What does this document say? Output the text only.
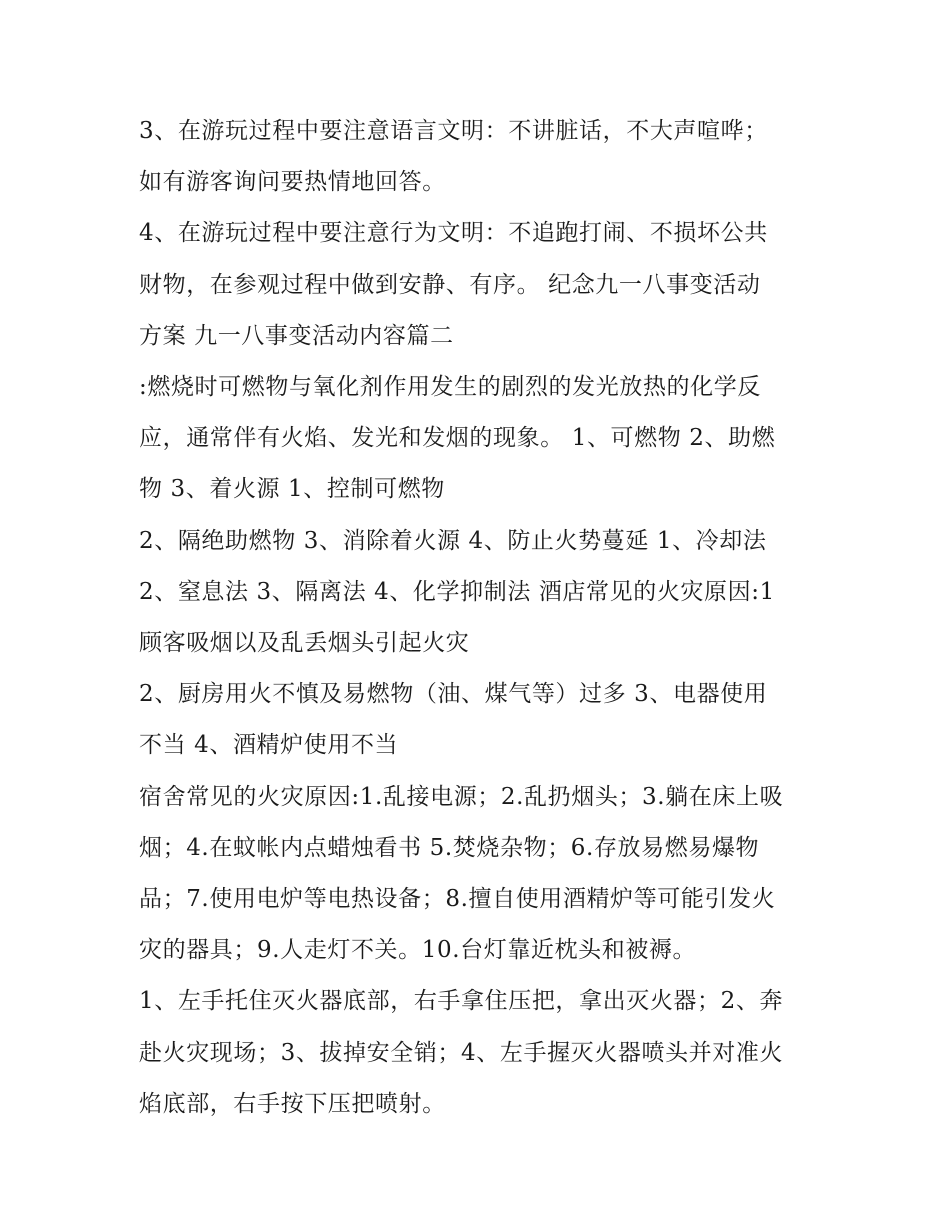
3、在游玩过程中要注意语言文明：不讲脏话，不大声喧哗；
如有游客询问要热情地回答。
4、在游玩过程中要注意行为文明：不追跑打闹、不损坏公共
财物，在参观过程中做到安静、有序。 纪念九一八事变活动
方案 九一八事变活动内容篇二
:燃烧时可燃物与氧化剂作用发生的剧烈的发光放热的化学反
应，通常伴有火焰、发光和发烟的现象。 1、可燃物 2、助燃
物 3、着火源 1、控制可燃物
2、隔绝助燃物 3、消除着火源 4、防止火势蔓延 1、冷却法
2、窒息法 3、隔离法 4、化学抑制法 酒店常见的火灾原因:1
顾客吸烟以及乱丢烟头引起火灾
2、厨房用火不慎及易燃物（油、煤气等）过多 3、电器使用
不当 4、酒精炉使用不当
宿舍常见的火灾原因:1.乱接电源；2.乱扔烟头；3.躺在床上吸
烟；4.在蚊帐内点蜡烛看书 5.焚烧杂物；6.存放易燃易爆物
品；7.使用电炉等电热设备；8.擅自使用酒精炉等可能引发火
灾的器具；9.人走灯不关。10.台灯靠近枕头和被褥。
1、左手托住灭火器底部，右手拿住压把，拿出灭火器；2、奔
赴火灾现场；3、拔掉安全销；4、左手握灭火器喷头并对准火
焰底部，右手按下压把喷射。
